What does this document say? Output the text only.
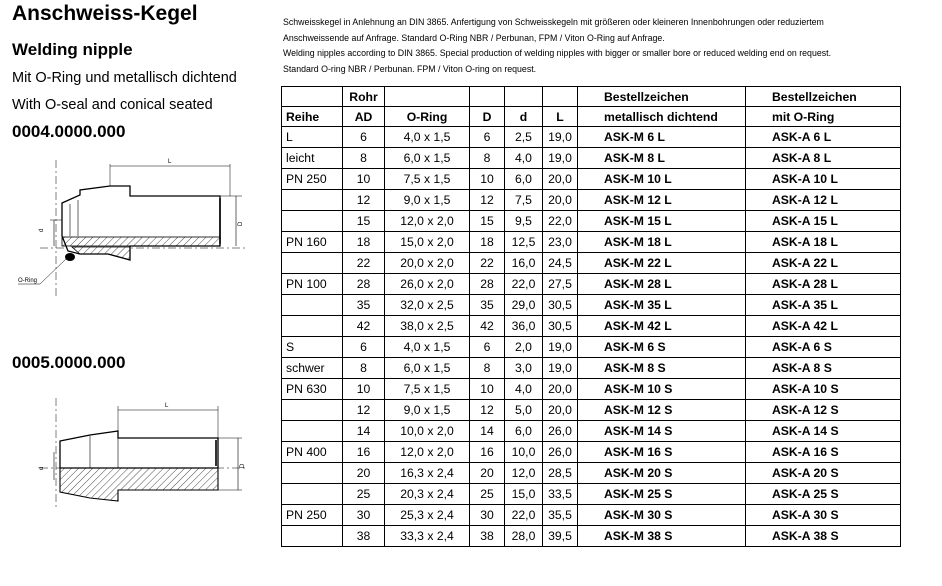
Anschweiss-Kegel
Welding nipple
Mit O-Ring und metallisch dichtend
With O-seal and conical seated
0004.0000.000
0005.0000.000
Schweisskegel in Anlehnung an DIN 3865. Anfertigung von Schweisskegeln mit größeren oder kleineren Innenbohrungen oder reduziertem
Anschweissende auf Anfrage. Standard O-Ring NBR / Perbunan, FPM / Viton O-Ring auf Anfrage.
Welding nipples according to DIN 3865. Special production of welding nipples with bigger or smaller bore or reduced welding end on request.
Standard O-ring NBR / Perbunan. FPM / Viton O-ring on request.
L
d
D
O-Ring
L
d
D
	Rohr					Bestellzeichen	Bestellzeichen
Reihe	AD	O-Ring	D	d	L	metallisch dichtend	mit O-Ring
L	6	4,0 x 1,5	6	2,5	19,0	ASK-M 6 L	ASK-A 6 L
leicht	8	6,0 x 1,5	8	4,0	19,0	ASK-M 8 L	ASK-A 8 L
PN 250	10	7,5 x 1,5	10	6,0	20,0	ASK-M 10 L	ASK-A 10 L
	12	9,0 x 1,5	12	7,5	20,0	ASK-M 12 L	ASK-A 12 L
	15	12,0 x 2,0	15	9,5	22,0	ASK-M 15 L	ASK-A 15 L
PN 160	18	15,0 x 2,0	18	12,5	23,0	ASK-M 18 L	ASK-A 18 L
	22	20,0 x 2,0	22	16,0	24,5	ASK-M 22 L	ASK-A 22 L
PN 100	28	26,0 x 2,0	28	22,0	27,5	ASK-M 28 L	ASK-A 28 L
	35	32,0 x 2,5	35	29,0	30,5	ASK-M 35 L	ASK-A 35 L
	42	38,0 x 2,5	42	36,0	30,5	ASK-M 42 L	ASK-A 42 L
S	6	4,0 x 1,5	6	2,0	19,0	ASK-M 6 S	ASK-A 6 S
schwer	8	6,0 x 1,5	8	3,0	19,0	ASK-M 8 S	ASK-A 8 S
PN 630	10	7,5 x 1,5	10	4,0	20,0	ASK-M 10 S	ASK-A 10 S
	12	9,0 x 1,5	12	5,0	20,0	ASK-M 12 S	ASK-A 12 S
	14	10,0 x 2,0	14	6,0	26,0	ASK-M 14 S	ASK-A 14 S
PN 400	16	12,0 x 2,0	16	10,0	26,0	ASK-M 16 S	ASK-A 16 S
	20	16,3 x 2,4	20	12,0	28,5	ASK-M 20 S	ASK-A 20 S
	25	20,3 x 2,4	25	15,0	33,5	ASK-M 25 S	ASK-A 25 S
PN 250	30	25,3 x 2,4	30	22,0	35,5	ASK-M 30 S	ASK-A 30 S
	38	33,3 x 2,4	38	28,0	39,5	ASK-M 38 S	ASK-A 38 S
